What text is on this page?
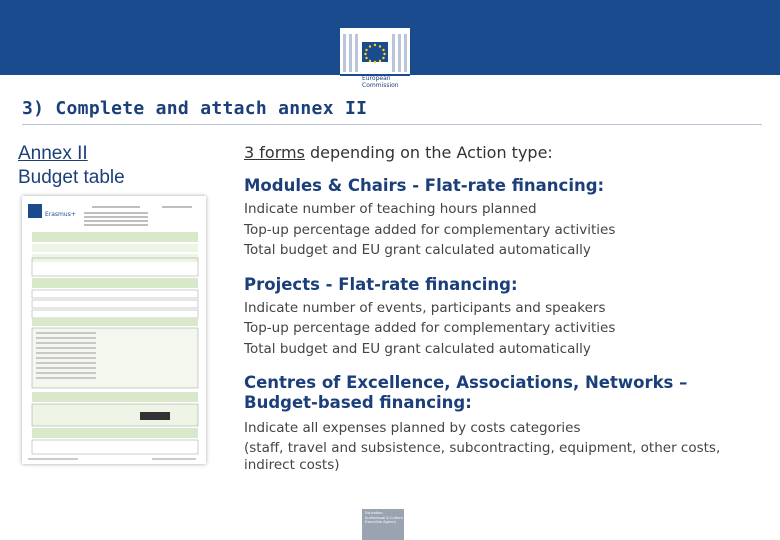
European Commission
3) Complete and attach annex II
Annex II
Budget table
Erasmus+
3 forms depending on the Action type:
Modules & Chairs - Flat-rate financing:
Indicate number of teaching hours planned
Top-up percentage added for complementary activities
Total budget and EU grant calculated automatically
Projects - Flat-rate financing:
Indicate number of events, participants and speakers
Top-up percentage added for complementary activities
Total budget and EU grant calculated automatically
Centres of Excellence, Associations, Networks –
Budget-based financing:
Indicate all expenses planned by costs categories
(staff, travel and subsistence, subcontracting, equipment, other costs,
indirect costs)
Education, Audiovisual & Culture Executive Agency
